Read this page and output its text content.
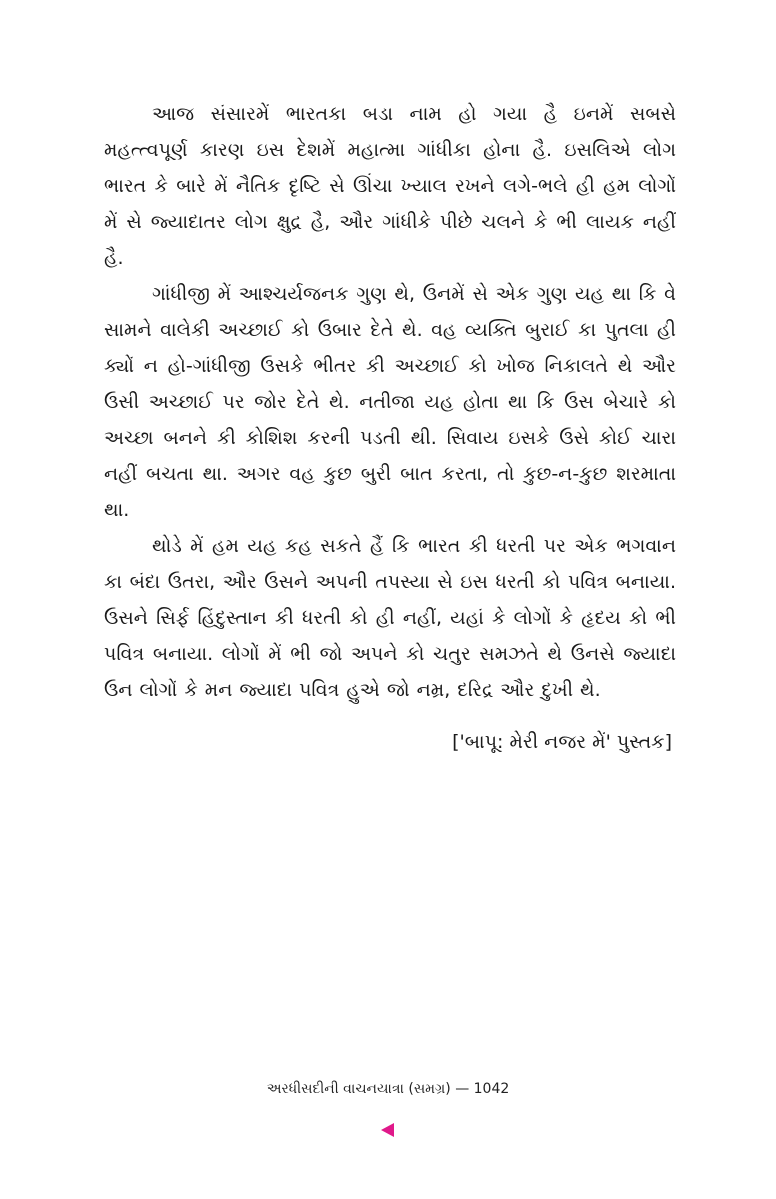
આજ સંસારમેં ભારતકા બડા નામ હો ગયા હૈ ઇનમેં સબસે મહત્ત્વપૂર્ણ કારણ ઇસ દેશમેં મહાત્મા ગાંધીકા હોના હૈ. ઇસલિએ લોગ ભારત કે બારે મેં નૈતિક દૃષ્ટિ સે ઊંચા ખ્યાલ રખને લગે-ભલે હી હમ લોગોં મેં સે જ્યાદાતર લોગ ક્ષુદ્ર હૈ, ઔર ગાંધીકે પીછે ચલને કે ભી લાયક નહીં હૈ.

ગાંધીજી મેં આશ્ચર્યજનક ગુણ થે, ઉનમેં સે એક ગુણ યહ થા કિ વે સામને વાલેકી અચ્છાઈ કો ઉબાર દેતે થે. વહ વ્યક્તિ બુરાઈ કા પુતલા હી ક્યોં ન હો-ગાંધીજી ઉસકે ભીતર કી અચ્છાઈ કો ખોજ નિકાલતે થે ઔર ઉસી અચ્છાઈ પર જોર દેતે થે. નતીજા યહ હોતા થા કિ ઉસ બેચારે કો અચ્છા બનને કી કોશિશ કરની પડતી થી. સિવાય ઇસકે ઉસે કોઈ ચારા નહીં બચતા થા. અગર વહ કુછ બુરી બાત કરતા, તો કુછ-ન-કુછ શરમાતા થા.

થોડે મેં હમ યહ કહ સકતે હૈં કિ ભારત કી ધરતી પર એક ભગવાન કા બંદા ઉતરા, ઔર ઉસને અપની તપસ્યા સે ઇસ ધરતી કો પવિત્ર બનાયા. ઉસને સિર્ફ હિંદુસ્તાન કી ધરતી કો હી નહીં, યહાં કે લોગોં કે હૃદય કો ભી પવિત્ર બનાયા. લોગોં મેં ભી જો અપને કો ચતુર સમઝતે થે ઉનસે જ્યાદા ઉન લોગોં કે મન જ્યાદા પવિત્ર હુએ જો નમ્ર, દરિદ્ર ઔર દુખી થે.

['બાપૂ: મેરી નજર મેં' પુસ્તક]
અરધીસદીની વાચનયાત્રા (સમગ્ર) — 1042
